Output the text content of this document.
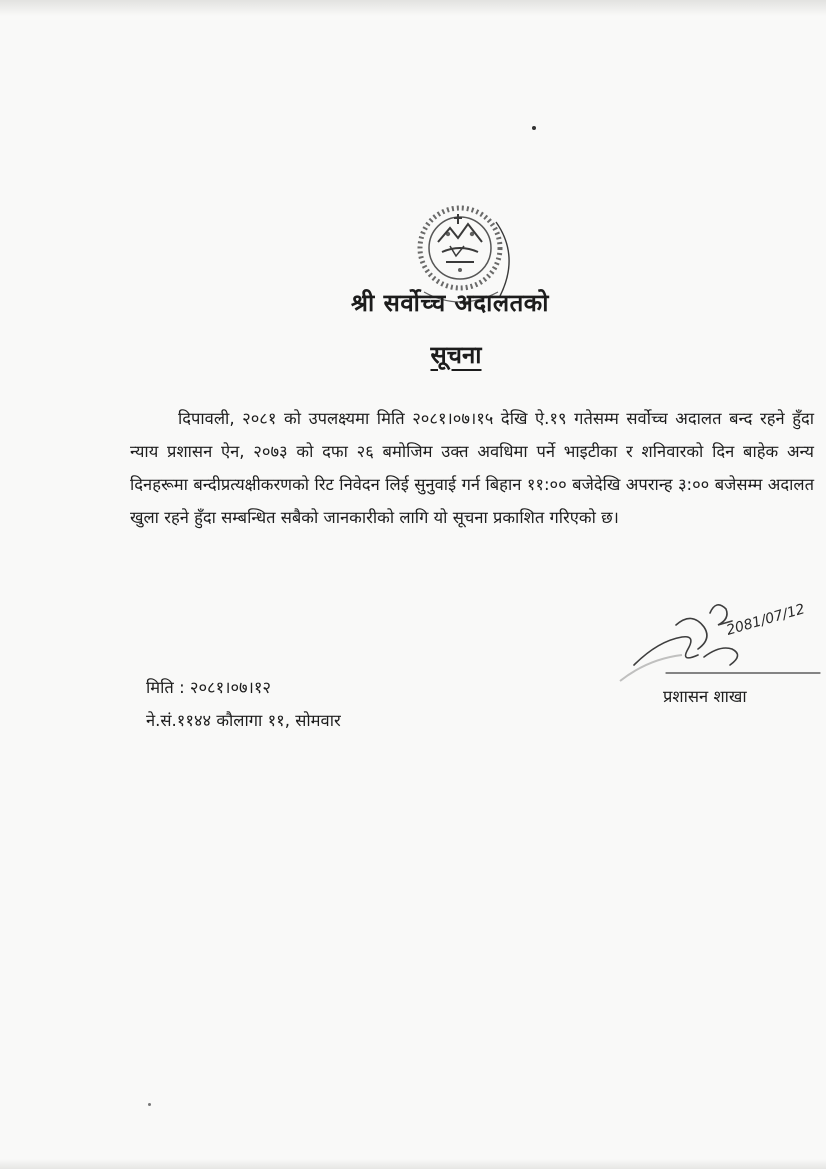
श्री सर्वोच्च अदालतको
सूचना
दिपावली, २०८१ को उपलक्ष्यमा मिति २०८१।०७।१५ देखि ऐ.१९ गतेसम्म सर्वोच्च अदालत बन्द रहने हुँदा न्याय प्रशासन ऐन, २०७३ को दफा २६ बमोजिम उक्त अवधिमा पर्ने भाइटीका र शनिवारको दिन बाहेक अन्य दिनहरूमा बन्दीप्रत्यक्षीकरणको रिट निवेदन लिई सुनुवाई गर्न बिहान ११:०० बजेदेखि अपरान्ह ३:०० बजेसम्म अदालत खुला रहने हुँदा सम्बन्धित सबैको जानकारीको लागि यो सूचना प्रकाशित गरिएको छ।
मिति : २०८१।०७।१२
ने.सं.११४४ कौलागा ११, सोमवार
2081/07/12
प्रशासन शाखा
